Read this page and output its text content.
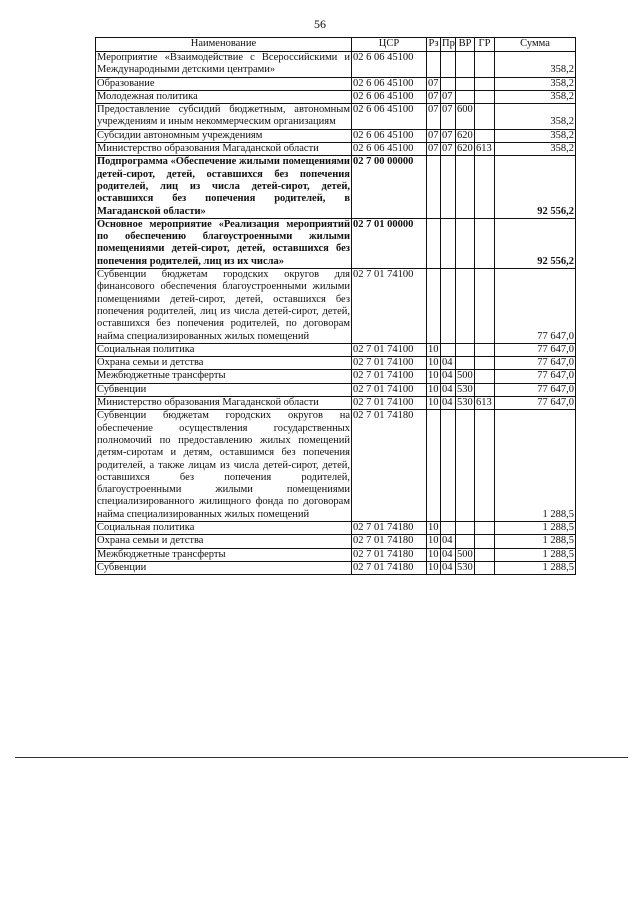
56
Наименование	ЦСР	Рз	Пр	ВР	ГР	Сумма
Мероприятие «Взаимодействие с Всероссийскими и Международными детскими центрами»	02 6 06 45100					358,2
Образование	02 6 06 45100	07				358,2
Молодежная политика	02 6 06 45100	07	07			358,2
Предоставление субсидий бюджетным, автономным учреждениям и иным некоммерческим организациям	02 6 06 45100	07	07	600		358,2
Субсидии автономным учреждениям	02 6 06 45100	07	07	620		358,2
Министерство образования Магаданской области	02 6 06 45100	07	07	620	613	358,2
Подпрограмма «Обеспечение жилыми помещениями детей-сирот, детей, оставшихся без попечения родителей, лиц из числа детей-сирот, детей, оставшихся без попечения родителей, в Магаданской области»	02 7 00 00000					92 556,2
Основное мероприятие «Реализация мероприятий по обеспечению благоустроенными жилыми помещениями детей-сирот, детей, оставшихся без попечения родителей, лиц из их числа»	02 7 01 00000					92 556,2
Субвенции бюджетам городских округов для финансового обеспечения благоустроенными жилыми помещениями детей-сирот, детей, оставшихся без попечения родителей, лиц из числа детей-сирот, детей, оставшихся без попечения родителей, по договорам найма специализированных жилых помещений	02 7 01 74100					77 647,0
Социальная политика	02 7 01 74100	10				77 647,0
Охрана семьи и детства	02 7 01 74100	10	04			77 647,0
Межбюджетные трансферты	02 7 01 74100	10	04	500		77 647,0
Субвенции	02 7 01 74100	10	04	530		77 647,0
Министерство образования Магаданской области	02 7 01 74100	10	04	530	613	77 647,0
Субвенции бюджетам городских округов на обеспечение осуществления государственных полномочий по предоставлению жилых помещений детям-сиротам и детям, оставшимся без попечения родителей, а также лицам из числа детей-сирот, детей, оставшихся без попечения родителей, благоустроенными жилыми помещениями специализированного жилищного фонда по договорам найма специализированных жилых помещений	02 7 01 74180					1 288,5
Социальная политика	02 7 01 74180	10				1 288,5
Охрана семьи и детства	02 7 01 74180	10	04			1 288,5
Межбюджетные трансферты	02 7 01 74180	10	04	500		1 288,5
Субвенции	02 7 01 74180	10	04	530		1 288,5
